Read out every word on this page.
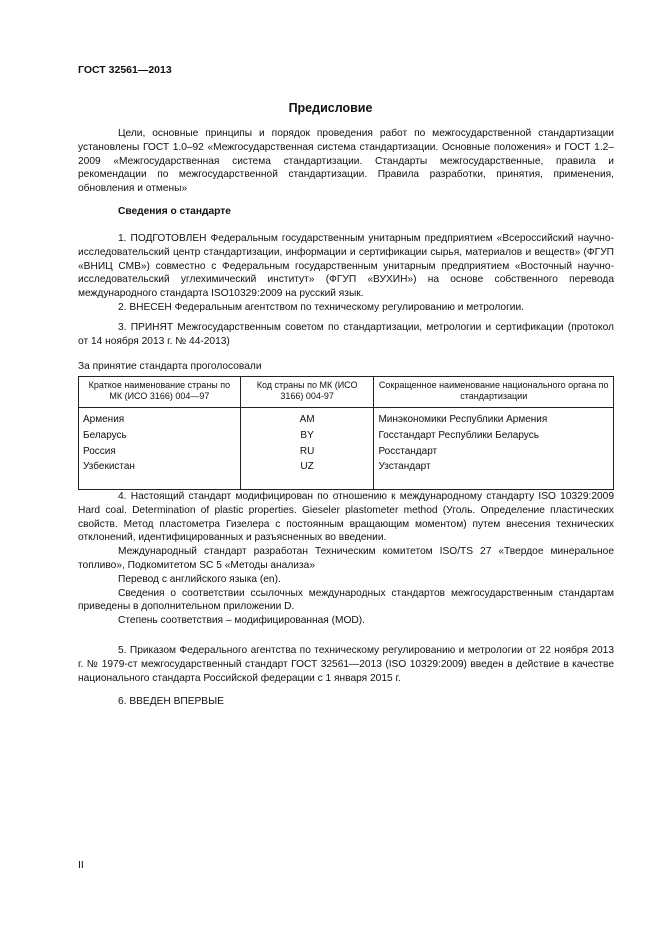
ГОСТ 32561—2013
Предисловие

Цели, основные принципы и порядок проведения работ по межгосударственной стандартизации установлены ГОСТ 1.0–92 «Межгосударственная система стандартизации. Основные положения» и ГОСТ 1.2–2009 «Межгосударственная система стандартизации. Стандарты межгосударственные, правила и рекомендации по межгосударственной стандартизации. Правила разработки, принятия, применения, обновления и отмены»

Сведения о стандарте

1. ПОДГОТОВЛЕН Федеральным государственным унитарным предприятием «Всероссийский научно-исследовательский центр стандартизации, информации и сертификации сырья, материалов и веществ» (ФГУП «ВНИЦ СМВ») совместно с Федеральным государственным унитарным предприятием «Восточный научно-исследовательский углехимический институт» (ФГУП «ВУХИН») на основе собственного перевода международного стандарта ISO10329:2009 на русский язык.

2. ВНЕСЕН Федеральным агентством по техническому регулированию и метрологии.

3. ПРИНЯТ Межгосударственным советом по стандартизации, метрологии и сертификации (протокол от 14 ноября 2013 г. № 44-2013)

За принятие стандарта проголосовали

Краткое наименование страны по МК (ИСО 3166) 004—97	Код страны по МК (ИСО 3166) 004-97	Сокращенное наименование национального органа по стандартизации
Армения	AM	Минэкономики Республики Армения
Беларусь	BY	Госстандарт Республики Беларусь
Россия	RU	Росстандарт
Узбекистан	UZ	Узстандарт

4. Настоящий стандарт модифицирован по отношению к международному стандарту ISO 10329:2009 Hard coal. Determination of plastic properties. Gieseler plastometer method (Уголь. Определение пластических свойств. Метод пластометра Гизелера с постоянным вращающим моментом) путем внесения технических отклонений, идентифицированных и разъясненных во введении.

Международный стандарт разработан Техническим комитетом ISO/TS 27 «Твердое минеральное топливо», Подкомитетом SC 5 «Методы анализа»

Перевод с английского языка (en).

Сведения о соответствии ссылочных международных стандартов межгосударственным стандартам приведены в дополнительном приложении D.

Степень соответствия – модифицированная (MOD).

5. Приказом Федерального агентства по техническому регулированию и метрологии от 22 ноября 2013 г. № 1979-ст межгосударственный стандарт ГОСТ 32561—2013 (ISO 10329:2009) введен в действие в качестве национального стандарта Российской федерации с 1 января 2015 г.

6. ВВЕДЕН ВПЕРВЫЕ

II
